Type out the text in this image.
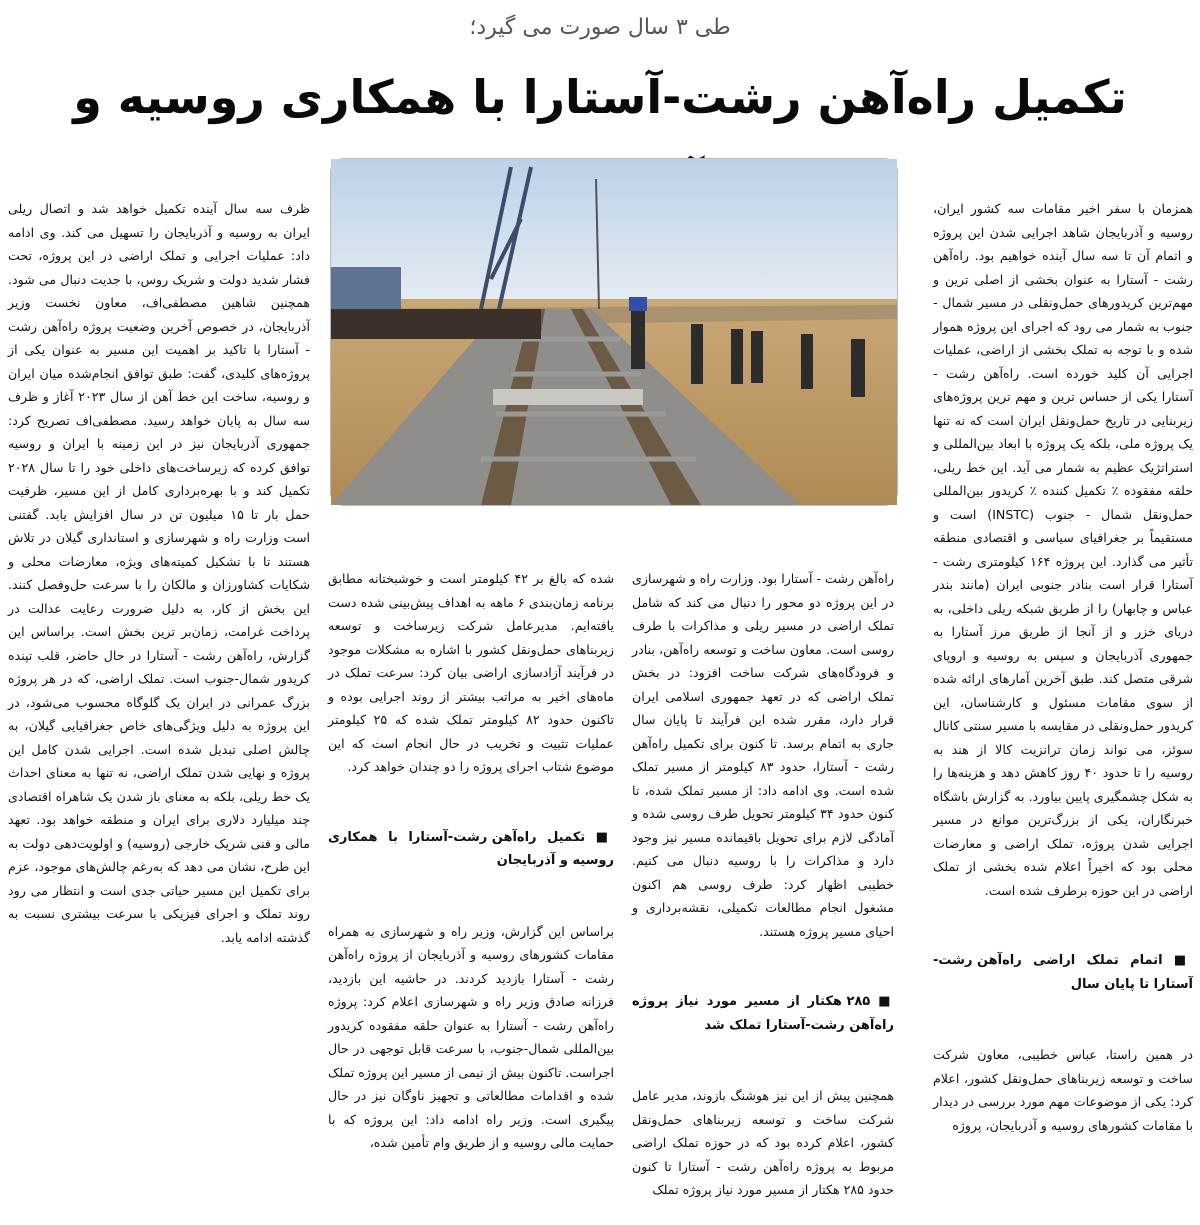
طی ۳ سال صورت می گیرد؛
تکمیل راه‌آهن رشت-آستارا با همکاری روسیه و

همزمان با سفر اخیر مقامات سه کشور ایران، روسیه و آذربایجان شاهد اجرایی شدن این پروژه و اتمام آن تا سه سال آینده خواهیم بود. راه‌آهن رشت - آستارا به عنوان بخشی از اصلی ترین و مهم‌ترین کریدورهای حمل‌ونقلی در مسیر شمال - جنوب به شمار می رود که اجرای این پروژه هموار شده و با توجه به تملک بخشی از اراضی، عملیات اجرایی آن کلید خورده است. راه‌آهن رشت - آستارا یکی از حساس ترین و مهم ترین پروژه‌های زیربنایی در تاریخ حمل‌ونقل ایران است که نه تنها یک پروژه ملی، بلکه یک پروژه با ابعاد بین‌المللی و استراتژیک عظیم به شمار می آید. این خط ریلی، حلقه مفقوده ٪ تکمیل کننده ٪ کریدور بین‌المللی حمل‌ونقل شمال - جنوب (INSTC) است و مستقیماً بر جغرافیای سیاسی و اقتصادی منطقه تأثیر می گذارد. این پروژه ۱۶۴ کیلومتری رشت - آستارا قرار است بنادر جنوبی ایران (مانند بندر عباس و چابهار) را از طریق شبکه ریلی داخلی، به دریای خزر و از آنجا از طریق مرز آستارا به جمهوری آذربایجان و سپس به روسیه و اروپای شرقی متصل کند. طبق آخرین آمارهای ارائه شده از سوی مقامات مسئول و کارشناسان، این کریدور حمل‌ونقلی در مقایسه با مسیر سنتی کانال سوئز، می تواند زمان ترانزیت کالا از هند به روسیه را تا حدود ۴۰ روز کاهش دهد و هزینه‌ها را به شکل چشمگیری پایین بیاورد. به گزارش باشگاه خبرنگاران، یکی از بزرگ‌ترین موانع در مسیر اجرایی شدن پروژه، تملک اراضی و معارضات محلی بود که اخیراً اعلام شده بخشی از تملک اراضی در این حوزه برطرف شده است.

■ اتمام تملک اراضی راه‌آهن رشت-آستارا تا پایان سال

در همین راستا، عباس خطیبی، معاون شرکت ساخت و توسعه زیربناهای حمل‌ونقل کشور، اعلام کرد: یکی از موضوعات مهم مورد بررسی در دیدار با مقامات کشورهای روسیه و آذربایجان، پروژه

راه‌آهن رشت - آستارا بود. وزارت راه و شهرسازی در این پروژه دو محور را دنبال می کند که شامل تملک اراضی در مسیر ریلی و مذاکرات با طرف روسی است. معاون ساخت و توسعه راه‌آهن، بنادر و فرودگاه‌های شرکت ساخت افزود: در بخش تملک اراضی که در تعهد جمهوری اسلامی ایران قرار دارد، مقرر شده این فرآیند تا پایان سال جاری به اتمام برسد. تا کنون برای تکمیل راه‌آهن رشت - آستارا، حدود ۸۳ کیلومتر از مسیر تملک شده است. وی ادامه داد: از مسیر تملک شده، تا کنون حدود ۳۴ کیلومتر تحویل طرف روسی شده و آمادگی لازم برای تحویل باقیمانده مسیر نیز وجود دارد و مذاکرات را با روسیه دنبال می کنیم. خطیبی اظهار کرد: طرف روسی هم اکنون مشغول انجام مطالعات تکمیلی، نقشه‌برداری و احیای مسیر پروژه هستند.

■ ۲۸۵ هکتار از مسیر مورد نیاز پروژه راه‌آهن رشت-آستارا تملک شد

همچنین پیش از این نیز هوشنگ بازوند، مدیر عامل شرکت ساخت و توسعه زیربناهای حمل‌ونقل کشور، اعلام کرده بود که در حوزه تملک اراضی مربوط به پروژه راه‌آهن رشت - آستارا تا کنون حدود ۲۸۵ هکتار از مسیر مورد نیاز پروژه تملک

شده که بالغ بر ۴۲ کیلومتر است و خوشبختانه مطابق برنامه زمان‌بندی ۶ ماهه به اهداف پیش‌بینی شده دست یافته‌ایم. مدیرعامل شرکت زیرساخت و توسعه زیربناهای حمل‌ونقل کشور با اشاره به مشکلات موجود در فرآیند آزادسازی اراضی بیان کرد: سرعت تملک در ماه‌های اخیر به مراتب بیشتر از روند اجرایی بوده و تاکنون حدود ۸۲ کیلومتر تملک شده که ۲۵ کیلومتر عملیات تثبیت و تخریب در حال انجام است که این موضوع شتاب اجرای پروژه را دو چندان خواهد کرد.

■ تکمیل راه‌آهن رشت-آستارا با همکاری روسیه و آذربایجان

براساس این گزارش، وزیر راه و شهرسازی به همراه مقامات کشورهای روسیه و آذربایجان از پروژه راه‌آهن رشت - آستارا بازدید کردند. در حاشیه این بازدید، فرزانه صادق وزیر راه و شهرسازی اعلام کرد: پروژه راه‌آهن رشت - آستارا به عنوان حلقه مفقوده کریدور بین‌المللی شمال-جنوب، با سرعت قابل توجهی در حال اجراست. تاکنون بیش از نیمی از مسیر این پروژه تملک شده و اقدامات مطالعاتی و تجهیز ناوگان نیز در حال پیگیری است. وزیر راه ادامه داد: این پروژه که با حمایت مالی روسیه و از طریق وام تأمین شده،

ظرف سه سال آینده تکمیل خواهد شد و اتصال ریلی ایران به روسیه و آذربایجان را تسهیل می کند. وی ادامه داد: عملیات اجرایی و تملک اراضی در این پروژه، تحت فشار شدید دولت و شریک روس، با جدیت دنبال می شود. همچنین شاهین مصطفی‌اف، معاون نخست وزیر آذربایجان، در خصوص آخرین وضعیت پروژه راه‌آهن رشت - آستارا با تاکید بر اهمیت این مسیر به عنوان یکی از پروژه‌های کلیدی، گفت: طبق توافق انجام‌شده میان ایران و روسیه، ساخت این خط آهن از سال ۲۰۲۳ آغاز و ظرف سه سال به پایان خواهد رسید. مصطفی‌اف تصریح کرد: جمهوری آذربایجان نیز در این زمینه با ایران و روسیه توافق کرده که زیرساخت‌های داخلی خود را تا سال ۲۰۲۸ تکمیل کند و با بهره‌برداری کامل از این مسیر، ظرفیت حمل بار تا ۱۵ میلیون تن در سال افزایش یابد. گفتنی است وزارت راه و شهرسازی و استانداری گیلان در تلاش هستند تا با تشکیل کمیته‌های ویژه، معارضات محلی و شکایات کشاورزان و مالکان را با سرعت حل‌وفصل کنند. این بخش از کار، به دلیل ضرورت رعایت عدالت در پرداخت غرامت، زمان‌بر ترین بخش است. براساس این گزارش، راه‌آهن رشت - آستارا در حال حاضر، قلب تپنده کریدور شمال-جنوب است. تملک اراضی، که در هر پروژه بزرگ عمرانی در ایران یک گلوگاه محسوب می‌شود، در این پروژه به دلیل ویژگی‌های خاص جغرافیایی گیلان، به چالش اصلی تبدیل شده است. اجرایی شدن کامل این پروژه و نهایی شدن تملک اراضی، نه تنها به معنای احداث یک خط ریلی، بلکه به معنای باز شدن یک شاهراه اقتصادی چند میلیارد دلاری برای ایران و منطقه خواهد بود. تعهد مالی و فنی شریک خارجی (روسیه) و اولویت‌دهی دولت به این طرح، نشان می دهد که به‌رغم چالش‌های موجود، عزم برای تکمیل این مسیر حیاتی جدی است و انتظار می رود روند تملک و اجرای فیزیکی با سرعت بیشتری نسبت به گذشته ادامه یابد.
